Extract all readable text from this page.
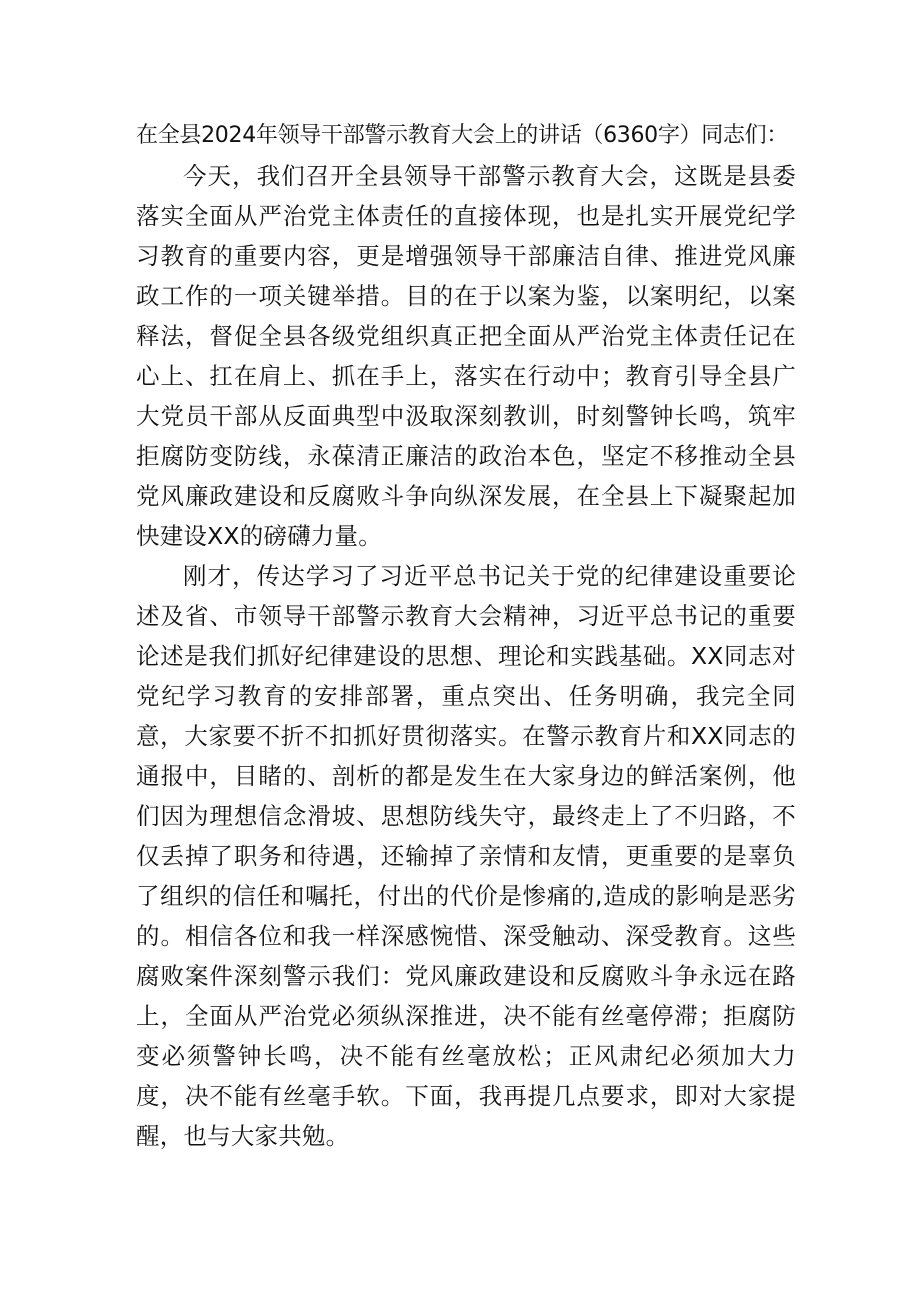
在全县2024年领导干部警示教育大会上的讲话（6360字）同志们：

今天，我们召开全县领导干部警示教育大会，这既是县委落实全面从严治党主体责任的直接体现，也是扎实开展党纪学习教育的重要内容，更是增强领导干部廉洁自律、推进党风廉政工作的一项关键举措。目的在于以案为鉴，以案明纪，以案释法，督促全县各级党组织真正把全面从严治党主体责任记在心上、扛在肩上、抓在手上，落实在行动中；教育引导全县广大党员干部从反面典型中汲取深刻教训，时刻警钟长鸣，筑牢拒腐防变防线，永葆清正廉洁的政治本色，坚定不移推动全县党风廉政建设和反腐败斗争向纵深发展，在全县上下凝聚起加快建设XX的磅礴力量。

刚才，传达学习了习近平总书记关于党的纪律建设重要论述及省、市领导干部警示教育大会精神，习近平总书记的重要论述是我们抓好纪律建设的思想、理论和实践基础。XX同志对党纪学习教育的安排部署，重点突出、任务明确，我完全同意，大家要不折不扣抓好贯彻落实。在警示教育片和XX同志的通报中，目睹的、剖析的都是发生在大家身边的鲜活案例，他们因为理想信念滑坡、思想防线失守，最终走上了不归路，不仅丢掉了职务和待遇，还输掉了亲情和友情，更重要的是辜负了组织的信任和嘱托，付出的代价是惨痛的,造成的影响是恶劣的。相信各位和我一样深感惋惜、深受触动、深受教育。这些腐败案件深刻警示我们：党风廉政建设和反腐败斗争永远在路上，全面从严治党必须纵深推进，决不能有丝毫停滞；拒腐防变必须警钟长鸣，决不能有丝毫放松；正风肃纪必须加大力度，决不能有丝毫手软。下面，我再提几点要求，即对大家提醒，也与大家共勉。
